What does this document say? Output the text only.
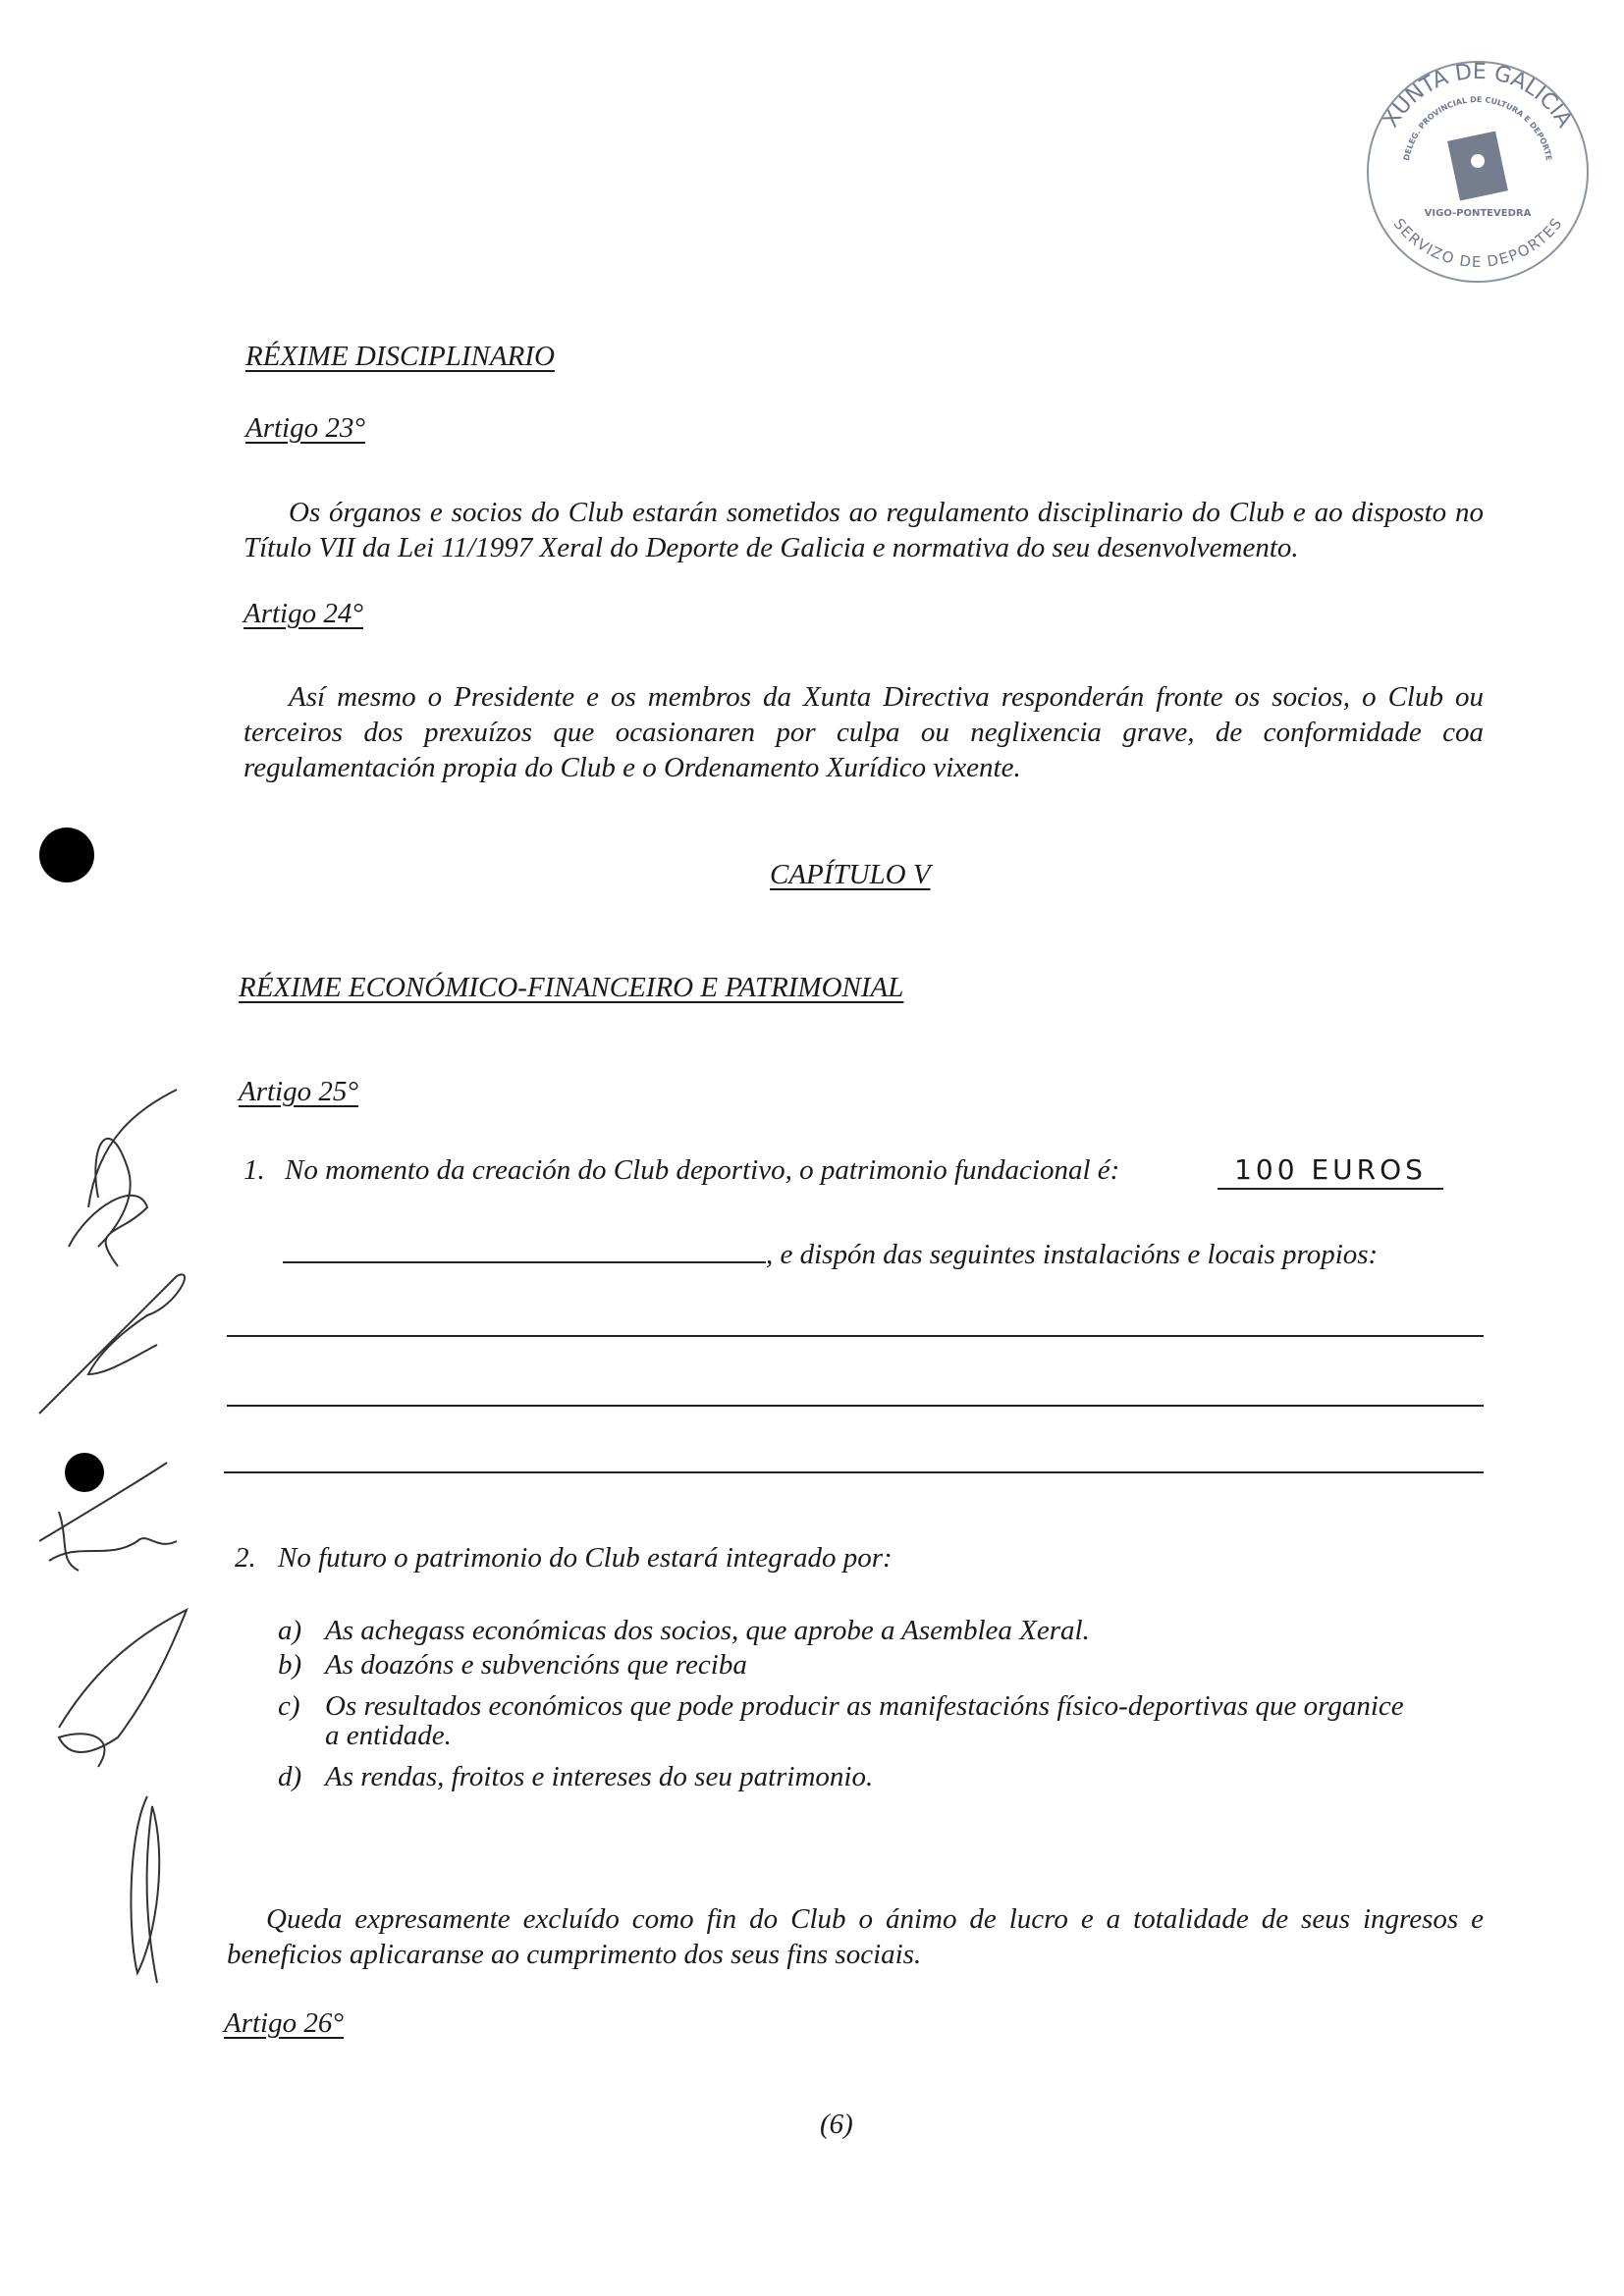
XUNTA DE GALICIA
DELEG. PROVINCIAL DE CULTURA E DEPORTE
VIGO-PONTEVEDRA
SERVIZO DE DEPORTES
RÉXIME DISCIPLINARIO
Artigo 23°
Os órganos e socios do Club estarán sometidos ao regulamento disciplinario do Club e ao disposto no Título VII da Lei 11/1997 Xeral do Deporte de Galicia e normativa do seu desenvolvemento.
Artigo 24°
Así mesmo o Presidente e os membros da Xunta Directiva responderán fronte os socios, o Club ou terceiros dos prexuízos que ocasionaren por culpa ou neglixencia grave, de conformidade coa regulamentación propia do Club e o Ordenamento Xurídico vixente.
CAPÍTULO V
RÉXIME ECONÓMICO-FINANCEIRO E PATRIMONIAL
Artigo 25°
1. No momento da creación do Club deportivo, o patrimonio fundacional é:	100 EUROS
, e dispón das seguintes instalacións e locais propios:
2. No futuro o patrimonio do Club estará integrado por:
a) As achegass económicas dos socios, que aprobe a Asemblea Xeral.
b) As doazóns e subvencións que reciba
c) Os resultados económicos que pode producir as manifestacións físico-deportivas que organice
a entidade.
d) As rendas, froitos e intereses do seu patrimonio.
Queda expresamente excluído como fin do Club o ánimo de lucro e a totalidade de seus ingresos e beneficios aplicaranse ao cumprimento dos seus fins sociais.
Artigo 26°
(6)
